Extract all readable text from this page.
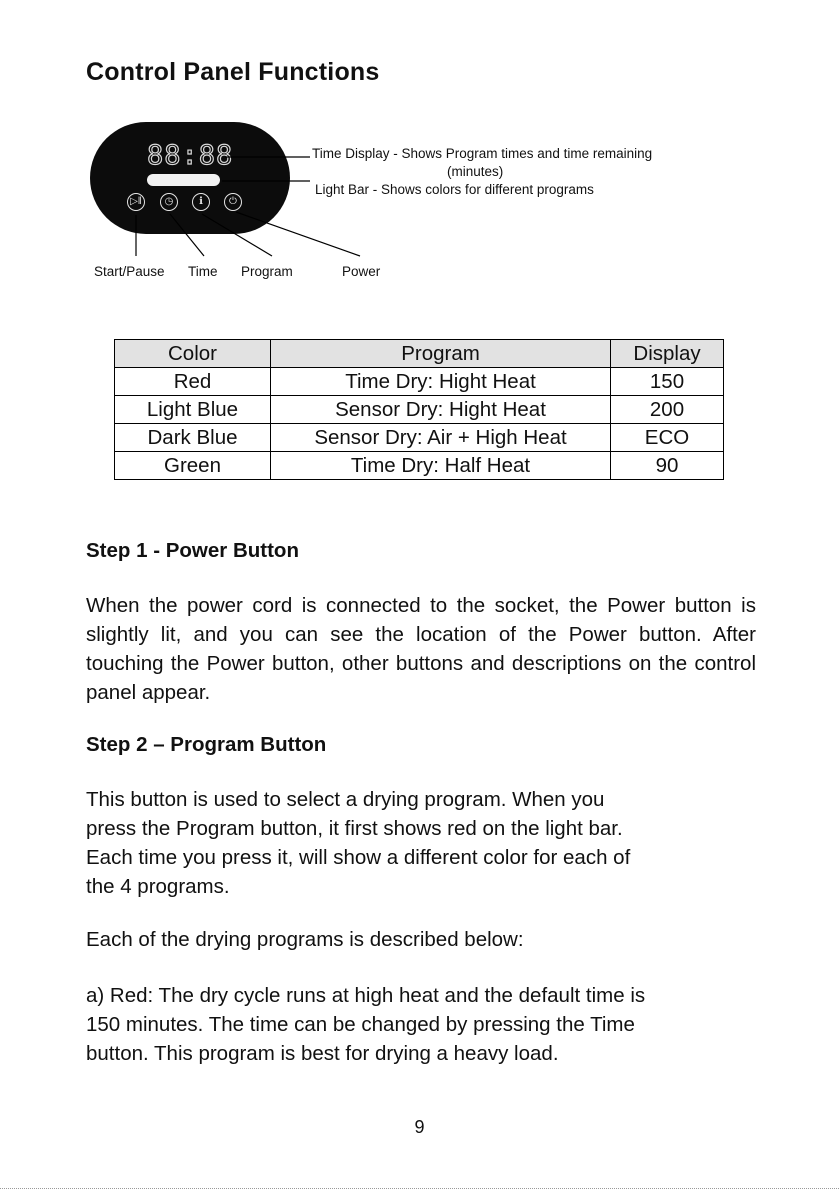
Control Panel Functions
88:88
▷‖	◷	ℹ	⏻
Time Display - Shows Program times and time remaining
(minutes)
Light Bar - Shows colors for different programs
Start/Pause Time Program	Power
Color	Program	Display
Red	Time Dry: Hight Heat	150
Light Blue	Sensor Dry: Hight Heat	200
Dark Blue	Sensor Dry: Air + High Heat	ECO
Green	Time Dry: Half Heat	90
Step 1 - Power Button
When the power cord is connected to the socket, the Power button is slightly lit, and you can see the location of the Power button. After touching the Power button, other buttons and descriptions on the control panel appear.
Step 2 – Program Button
This button is used to select a drying program. When you
press the Program button, it first shows red on the light bar.
Each time you press it, will show a different color for each of
the 4 programs.
Each of the drying programs is described below:
a) Red: The dry cycle runs at high heat and the default time is
150 minutes. The time can be changed by pressing the Time
button. This program is best for drying a heavy load.
9
